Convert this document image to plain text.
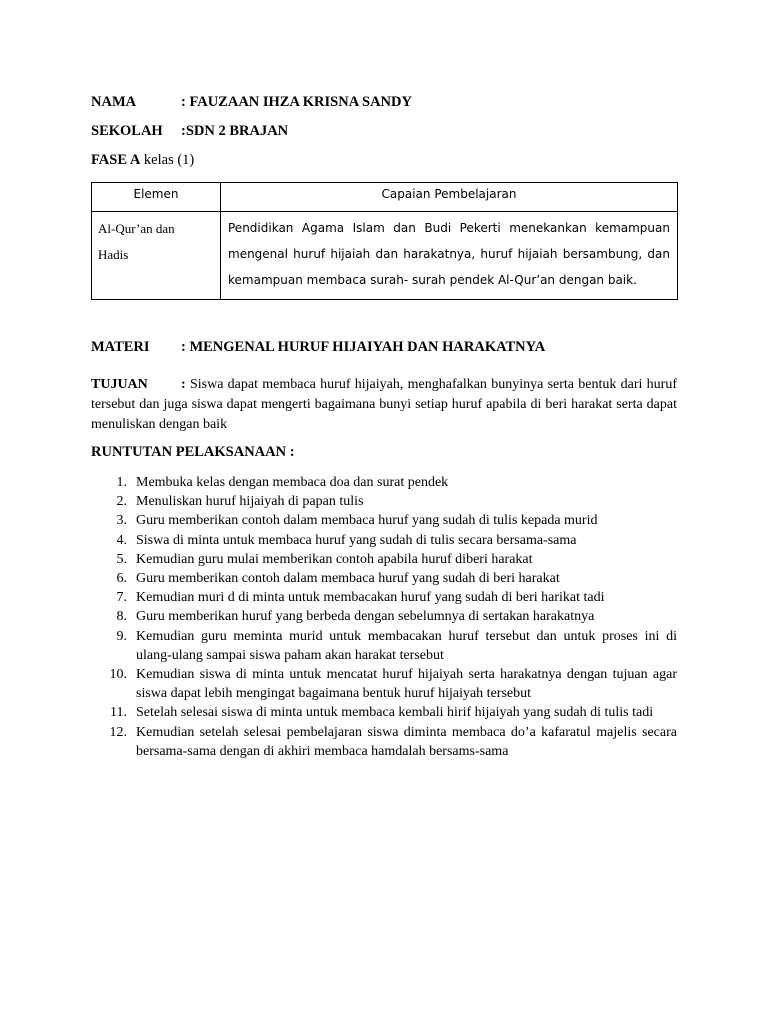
NAMA	: FAUZAAN IHZA KRISNA SANDY
SEKOLAH :SDN 2 BRAJAN
FASE A kelas (1)
Elemen	Capaian Pembelajaran

Al-Qur’an dan
Hadis	Pendidikan Agama Islam dan Budi Pekerti menekankan kemampuan mengenal huruf hijaiah dan harakatnya, huruf hijaiah bersambung, dan kemampuan membaca surah- surah pendek Al-Qur’an dengan baik.
MATERI : MENGENAL HURUF HIJAIYAH DAN HARAKATNYA
TUJUAN : Siswa dapat membaca huruf hijaiyah, menghafalkan bunyinya serta bentuk dari huruf tersebut dan juga siswa dapat mengerti bagaimana bunyi setiap huruf apabila di beri harakat serta dapat menuliskan dengan baik
RUNTUTAN PELAKSANAAN :
1. Membuka kelas dengan membaca doa dan surat pendek
2. Menuliskan huruf hijaiyah di papan tulis
3. Guru memberikan contoh dalam membaca huruf yang sudah di tulis kepada murid
4. Siswa di minta untuk membaca huruf yang sudah di tulis secara bersama-sama
5. Kemudian guru mulai memberikan contoh apabila huruf diberi harakat
6. Guru memberikan contoh dalam membaca huruf yang sudah di beri harakat
7. Kemudian muri d di minta untuk membacakan huruf yang sudah di beri harikat tadi
8. Guru memberikan huruf yang berbeda dengan sebelumnya di sertakan harakatnya
9. Kemudian guru meminta murid untuk membacakan huruf tersebut dan untuk proses ini di ulang-ulang sampai siswa paham akan harakat tersebut
10. Kemudian siswa di minta untuk mencatat huruf hijaiyah serta harakatnya dengan tujuan agar siswa dapat lebih mengingat bagaimana bentuk huruf hijaiyah tersebut
11. Setelah selesai siswa di minta untuk membaca kembali hirif hijaiyah yang sudah di tulis tadi
12. Kemudian setelah selesai pembelajaran siswa diminta membaca do’a kafaratul majelis secara bersama-sama dengan di akhiri membaca hamdalah bersams-sama
